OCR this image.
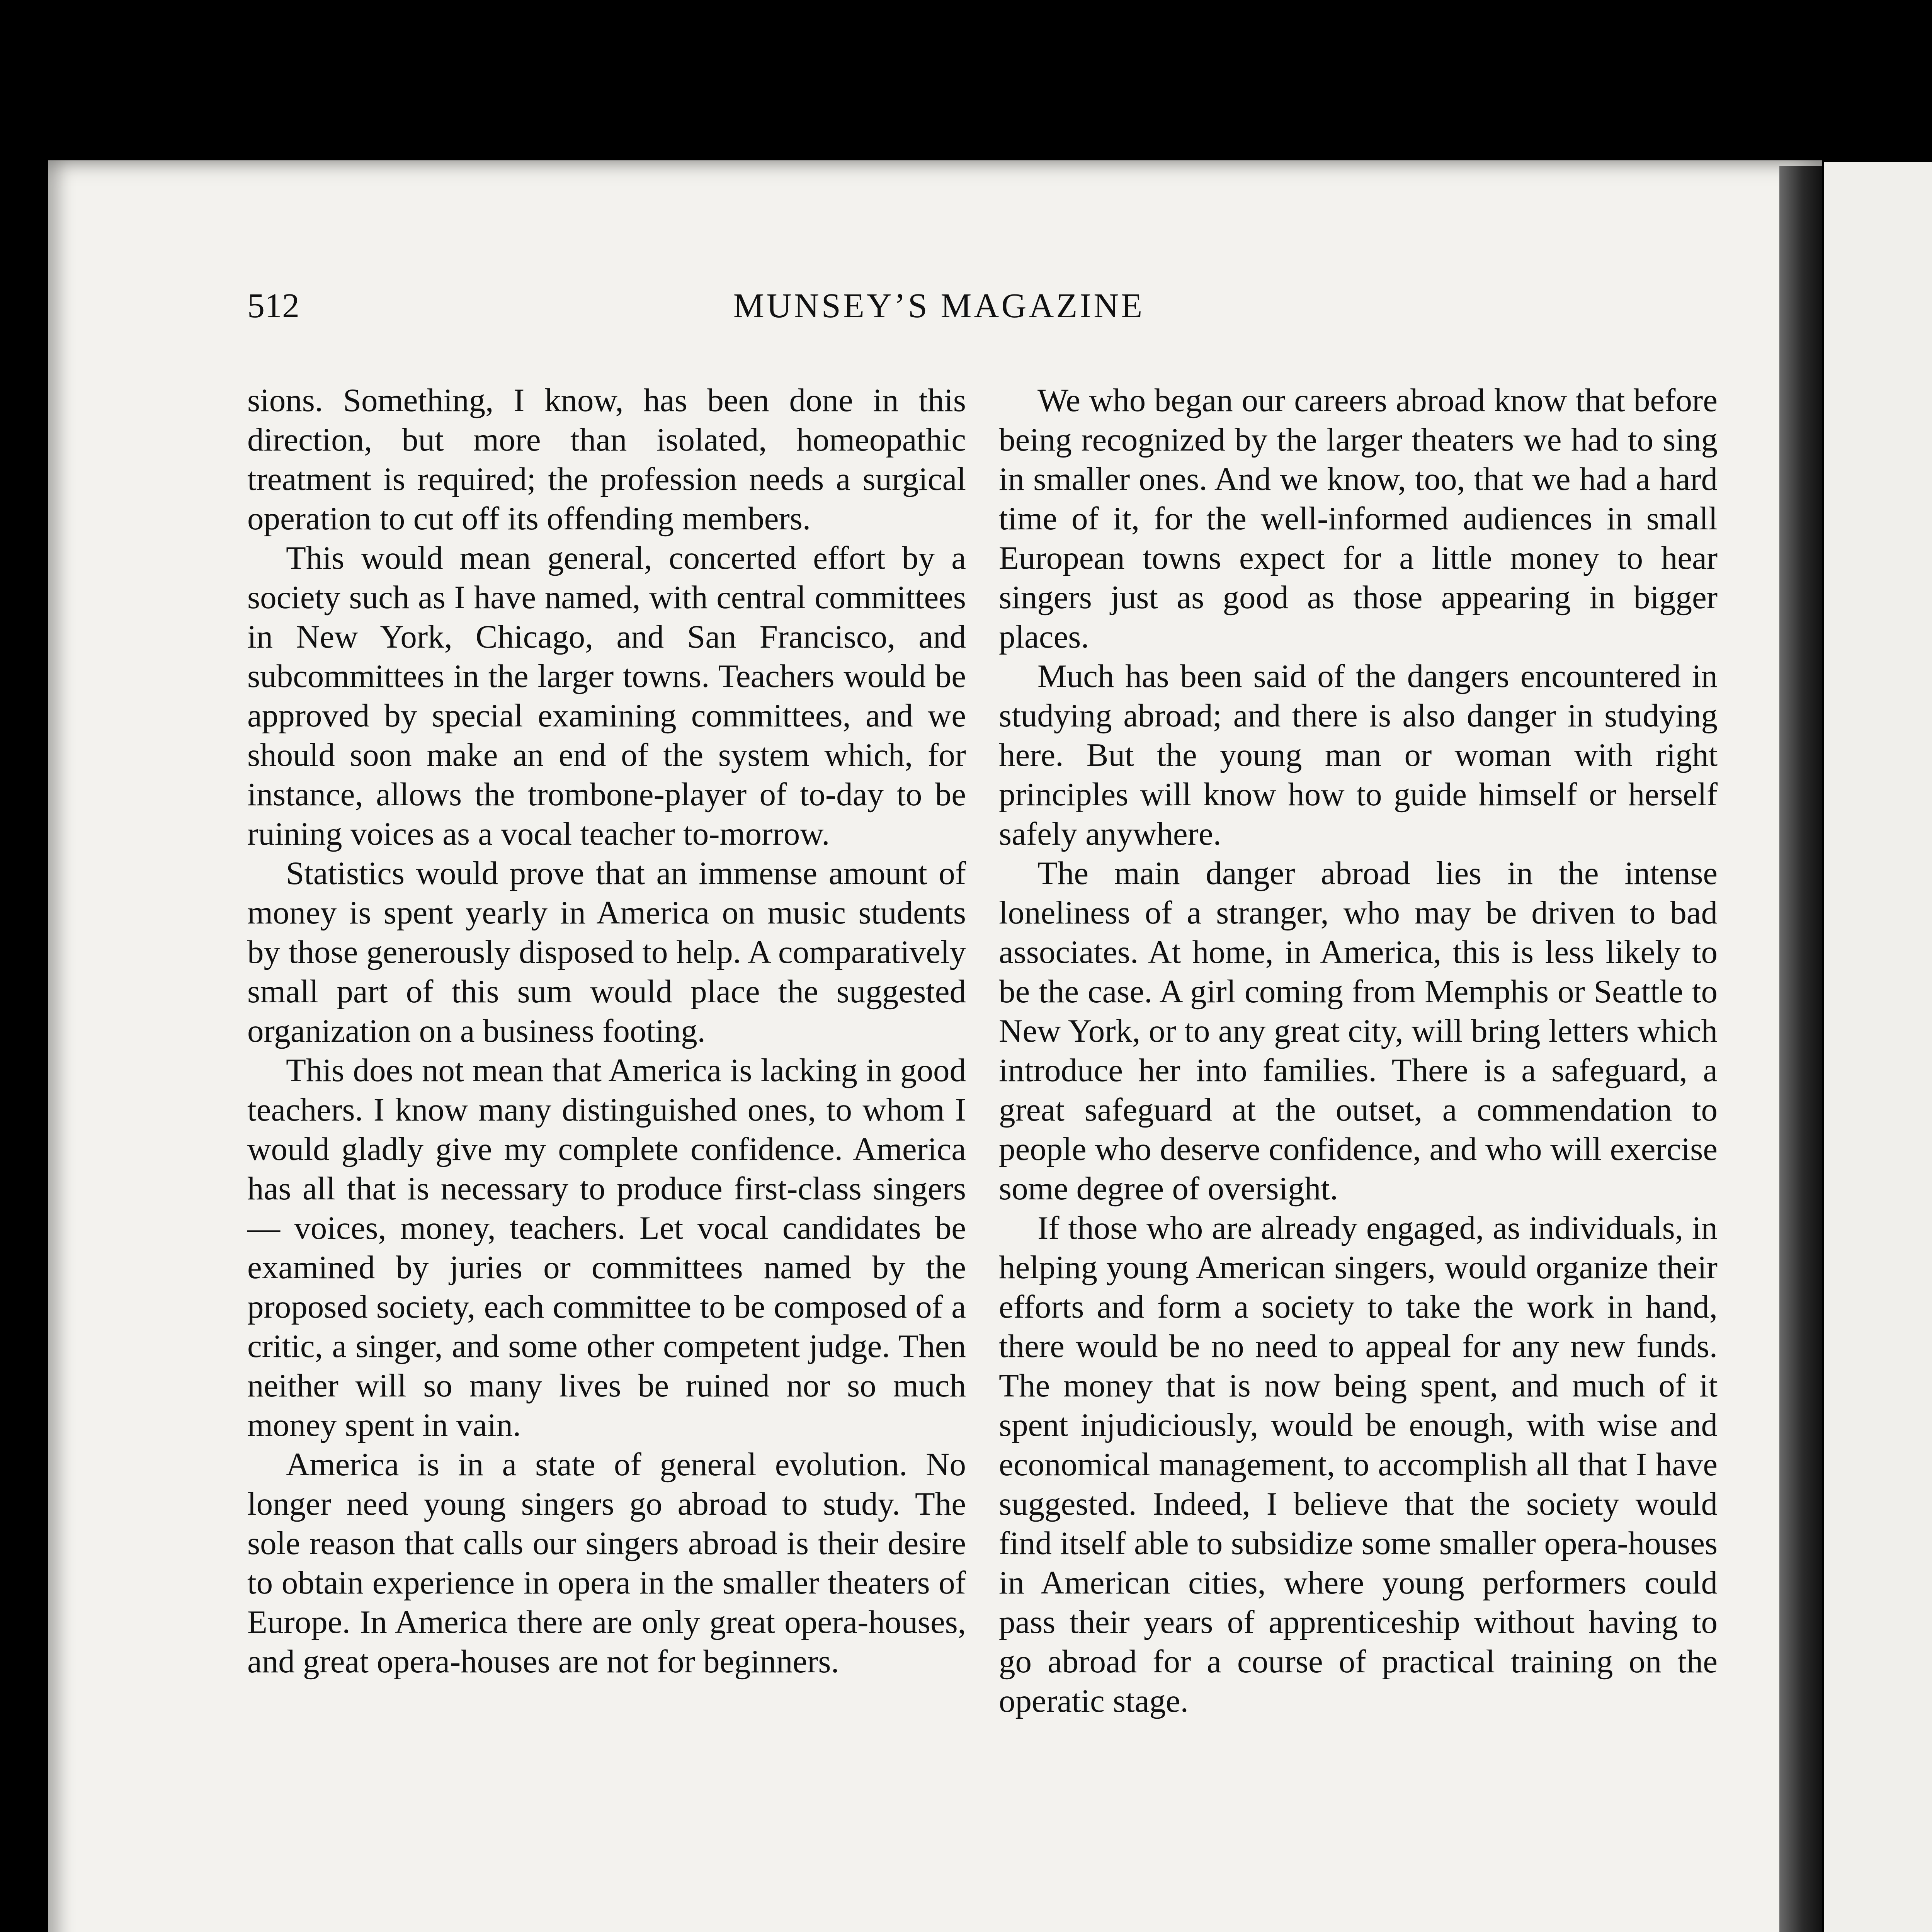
512	MUNSEY’S MAGAZINE

sions. Something, I know, has been done in this direction, but more than isolated, homeopathic treatment is required; the profession needs a surgical operation to cut off its offending members.

This would mean general, concerted effort by a society such as I have named, with central committees in New York, Chicago, and San Francisco, and subcommittees in the larger towns. Teachers would be approved by special examining committees, and we should soon make an end of the system which, for instance, allows the trombone-player of to-day to be ruining voices as a vocal teacher to-morrow.

Statistics would prove that an immense amount of money is spent yearly in America on music students by those generously disposed to help. A comparatively small part of this sum would place the suggested organization on a business footing.

This does not mean that America is lacking in good teachers. I know many distinguished ones, to whom I would gladly give my complete confidence. America has all that is necessary to produce first-class singers — voices, money, teachers. Let vocal candidates be examined by juries or committees named by the proposed society, each committee to be composed of a critic, a singer, and some other competent judge. Then neither will so many lives be ruined nor so much money spent in vain.

America is in a state of general evolution. No longer need young singers go abroad to study. The sole reason that calls our singers abroad is their desire to obtain experience in opera in the smaller theaters of Europe. In America there are only great opera-houses, and great opera-houses are not for beginners.

We who began our careers abroad know that before being recognized by the larger theaters we had to sing in smaller ones. And we know, too, that we had a hard time of it, for the well-informed audiences in small European towns expect for a little money to hear singers just as good as those appearing in bigger places.

Much has been said of the dangers encountered in studying abroad; and there is also danger in studying here. But the young man or woman with right principles will know how to guide himself or herself safely anywhere.

The main danger abroad lies in the intense loneliness of a stranger, who may be driven to bad associates. At home, in America, this is less likely to be the case. A girl coming from Memphis or Seattle to New York, or to any great city, will bring letters which introduce her into families. There is a safeguard, a great safeguard at the outset, a commendation to people who deserve confidence, and who will exercise some degree of oversight.

If those who are already engaged, as individuals, in helping young American singers, would organize their efforts and form a society to take the work in hand, there would be no need to appeal for any new funds. The money that is now being spent, and much of it spent injudiciously, would be enough, with wise and economical management, to accomplish all that I have suggested. Indeed, I believe that the society would find itself able to subsidize some smaller opera-houses in American cities, where young performers could pass their years of apprenticeship without having to go abroad for a course of practical training on the operatic stage.
